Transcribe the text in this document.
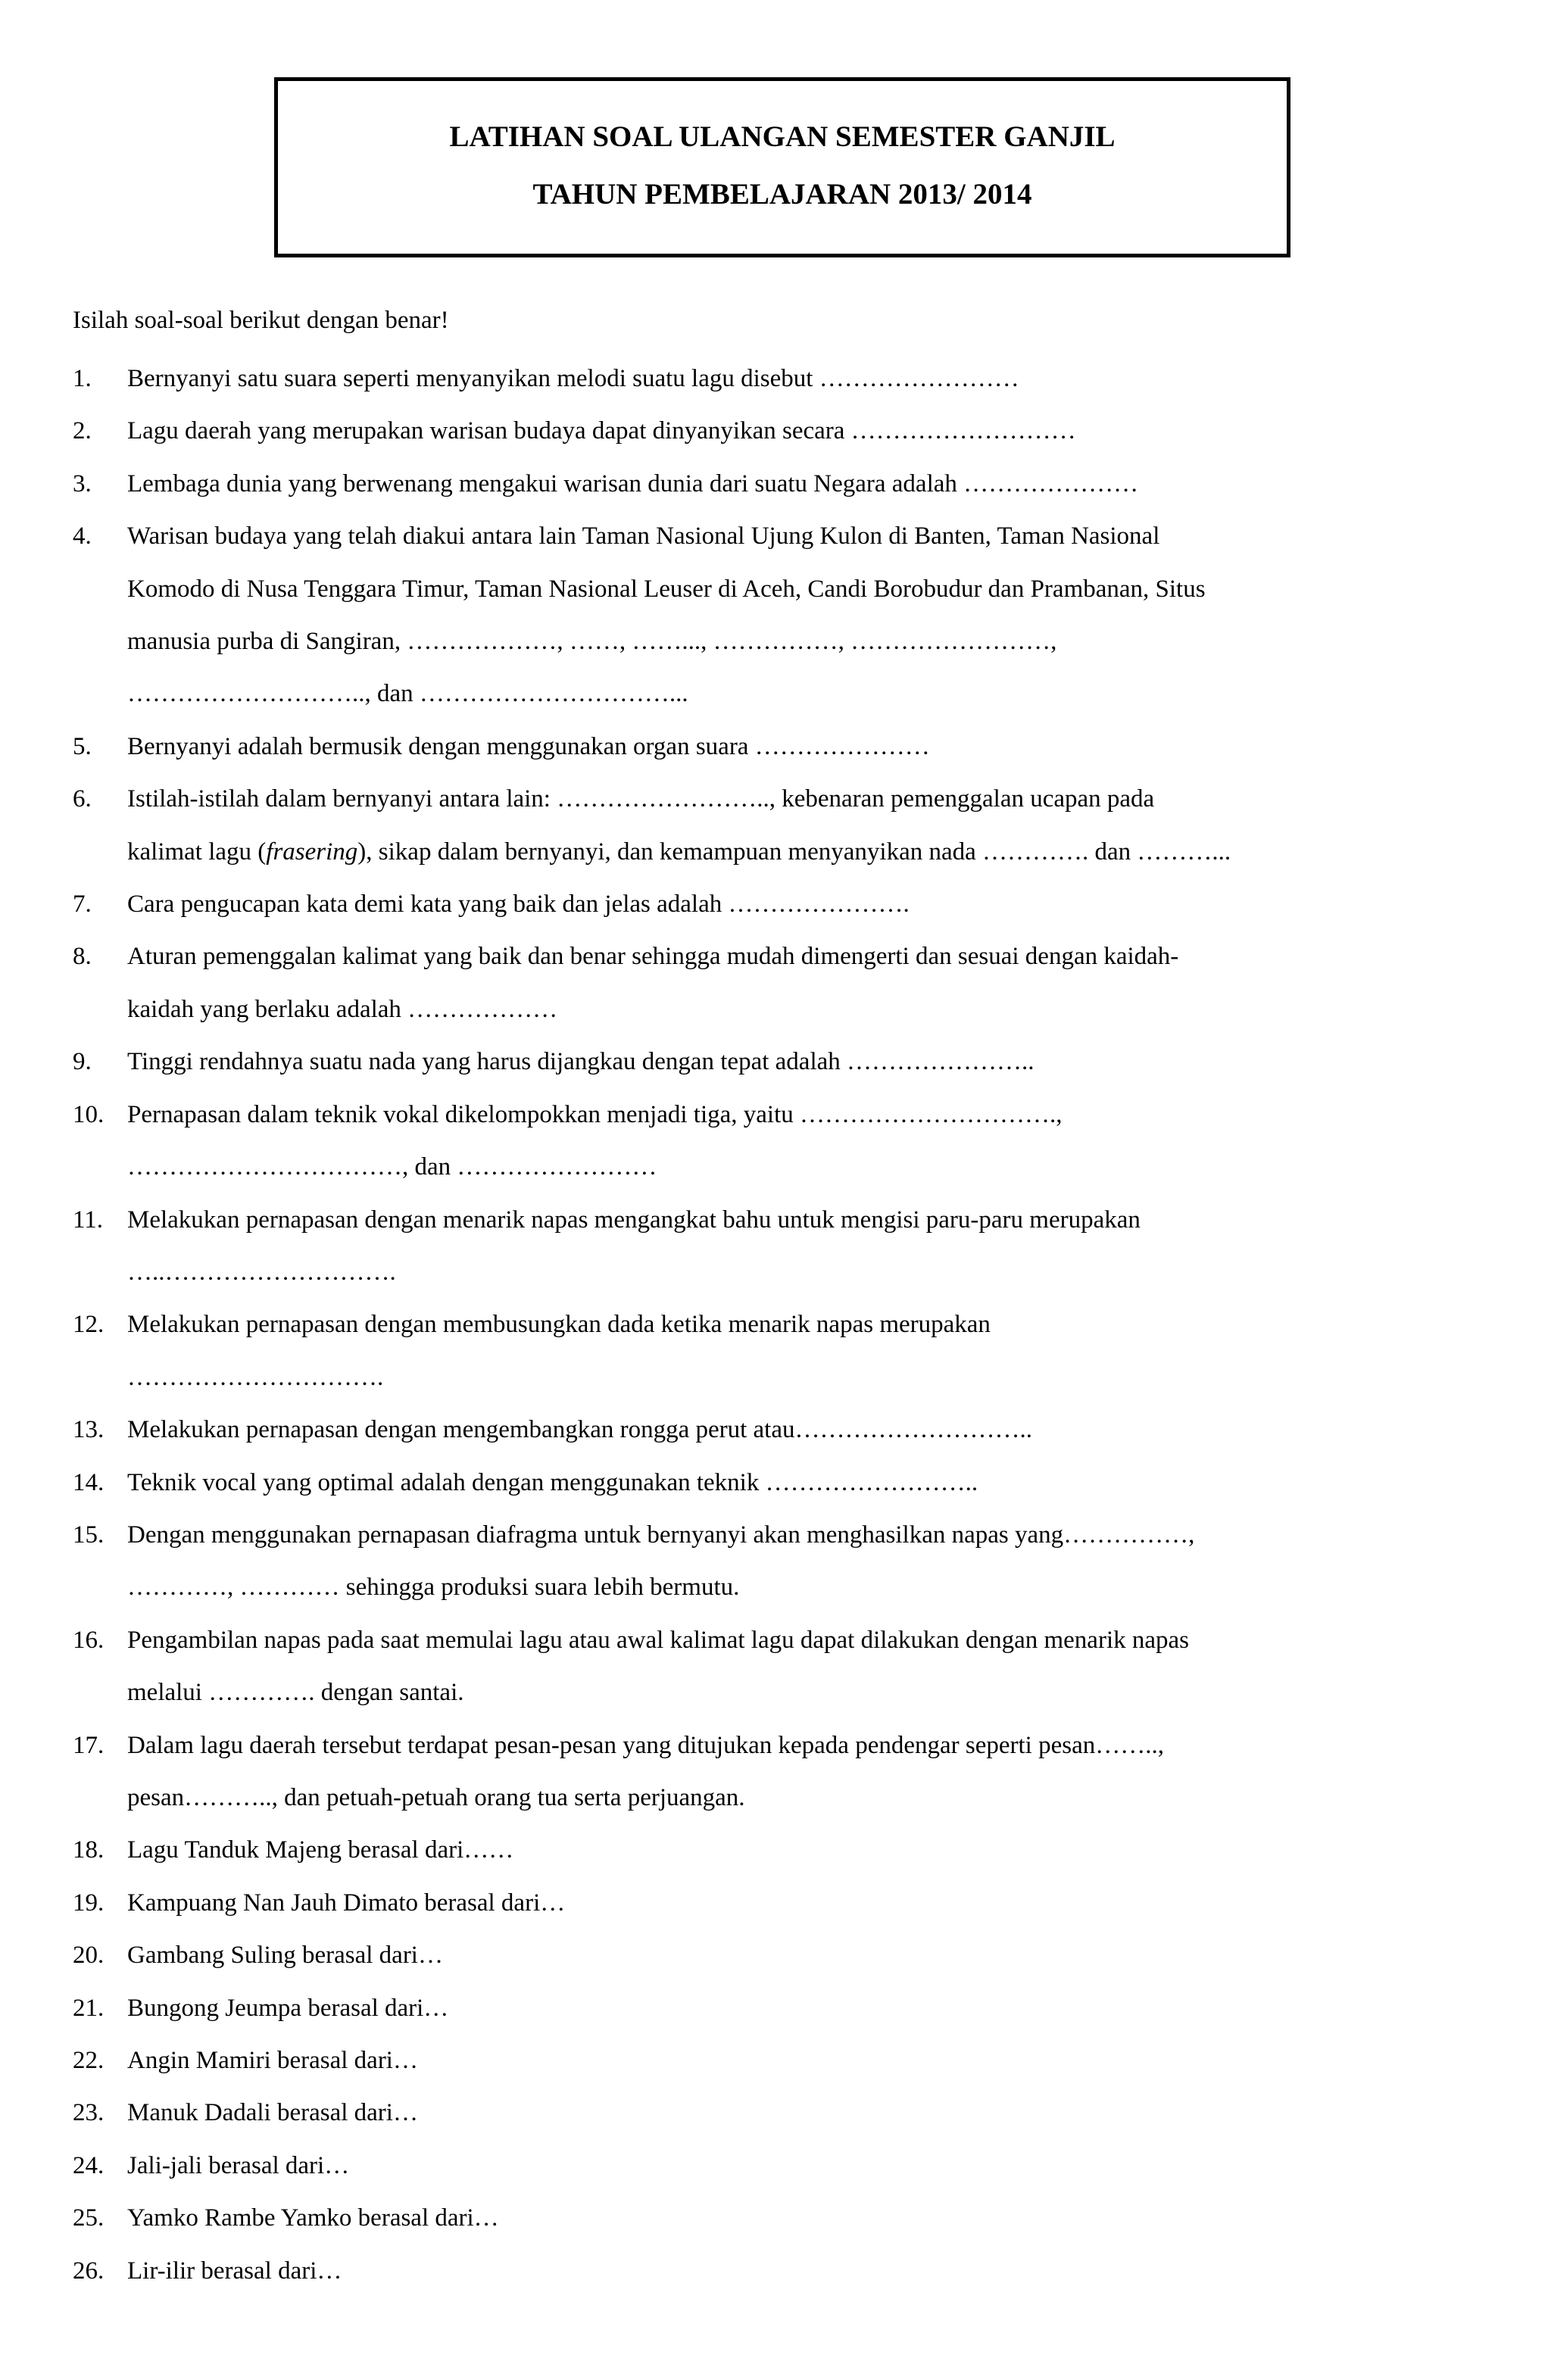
LATIHAN SOAL ULANGAN SEMESTER GANJIL
TAHUN PEMBELAJARAN 2013/ 2014
Isilah soal-soal berikut dengan benar!
1.	Bernyanyi satu suara seperti menyanyikan melodi suatu lagu disebut ……………………
2.	Lagu daerah yang merupakan warisan budaya dapat dinyanyikan secara ………………………
3.	Lembaga dunia yang berwenang mengakui warisan dunia dari suatu Negara adalah …………………
4.	Warisan budaya yang telah diakui antara lain Taman Nasional Ujung Kulon di Banten, Taman Nasional
Komodo di Nusa Tenggara Timur, Taman Nasional Leuser di Aceh, Candi Borobudur dan Prambanan, Situs
manusia purba di Sangiran, ………………, ……, ……..., ……………, ……………………,
……………………….., dan …………………………...
5.	Bernyanyi adalah bermusik dengan menggunakan organ suara …………………
6.	Istilah-istilah dalam bernyanyi antara lain: …………………….., kebenaran pemenggalan ucapan pada
kalimat lagu (frasering), sikap dalam bernyanyi, dan kemampuan menyanyikan nada …………. dan ………...
7.	Cara pengucapan kata demi kata yang baik dan jelas adalah ………………….
8.	Aturan pemenggalan kalimat yang baik dan benar sehingga mudah dimengerti dan sesuai dengan kaidah-
kaidah yang berlaku adalah ………………
9.	Tinggi rendahnya suatu nada yang harus dijangkau dengan tepat adalah …………………..
10. Pernapasan dalam teknik vokal dikelompokkan menjadi tiga, yaitu ………………………….,
……………………………, dan ……………………
11. Melakukan pernapasan dengan menarik napas mengangkat bahu untuk mengisi paru-paru merupakan
…..……………………….
12. Melakukan pernapasan dengan membusungkan dada ketika menarik napas merupakan
………………………….
13. Melakukan pernapasan dengan mengembangkan rongga perut atau………………………..
14. Teknik vocal yang optimal adalah dengan menggunakan teknik ……………………..
15. Dengan menggunakan pernapasan diafragma untuk bernyanyi akan menghasilkan napas yang……………,
…………, ………… sehingga produksi suara lebih bermutu.
16. Pengambilan napas pada saat memulai lagu atau awal kalimat lagu dapat dilakukan dengan menarik napas
melalui …………. dengan santai.
17. Dalam lagu daerah tersebut terdapat pesan-pesan yang ditujukan kepada pendengar seperti pesan……..,
pesan……….., dan petuah-petuah orang tua serta perjuangan.
18. Lagu Tanduk Majeng berasal dari……
19. Kampuang Nan Jauh Dimato berasal dari…
20. Gambang Suling berasal dari…
21. Bungong Jeumpa berasal dari…
22. Angin Mamiri berasal dari…
23. Manuk Dadali berasal dari…
24. Jali-jali berasal dari…
25. Yamko Rambe Yamko berasal dari…
26. Lir-ilir berasal dari…
